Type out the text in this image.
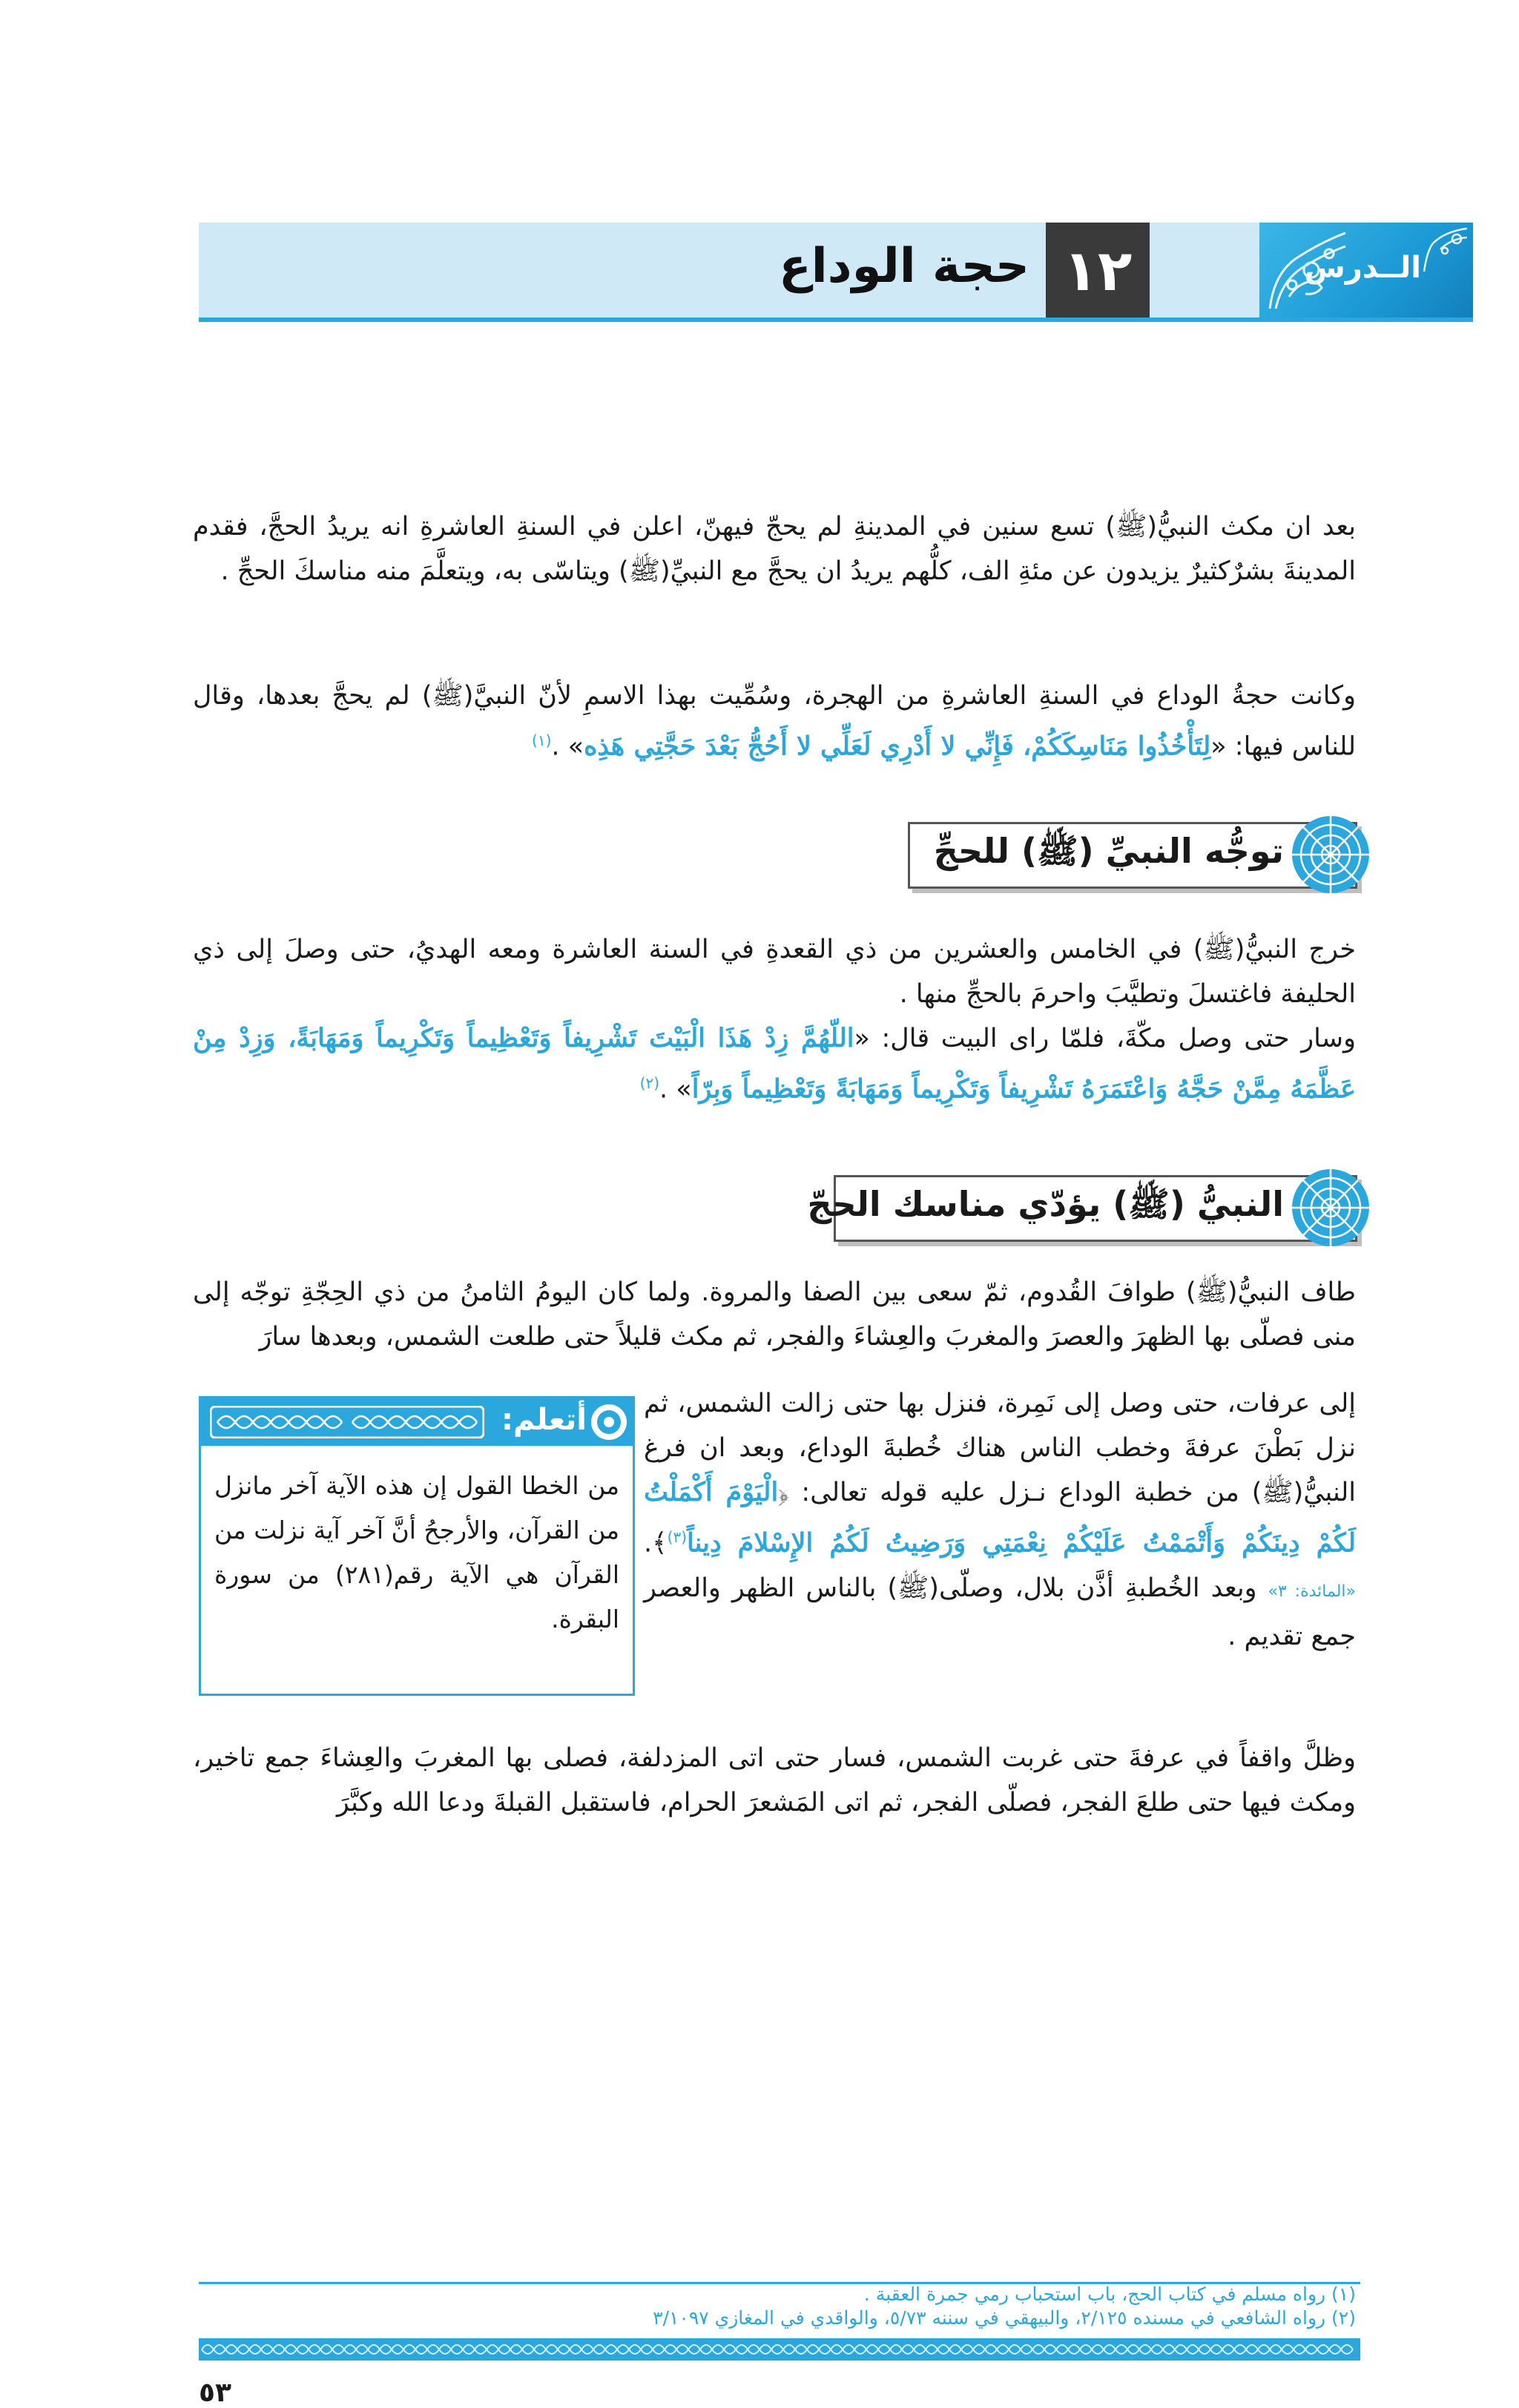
الــدرس
١٢
حجة الوداع
بعد ان مكث النبيُّ(ﷺ) تسع سنين في المدينةِ لم يحجّ فيهنّ، اعلن في السنةِ العاشرةِ انه يريدُ الحجَّ، فقدم المدينةَ بشرٌكثيرٌ يزيدون عن مئةِ الف، كلُّهم يريدُ ان يحجَّ مع النبيِّ(ﷺ) ويتاسّى به، ويتعلَّمَ منه مناسكَ الحجِّ .
وكانت حجةُ الوداع في السنةِ العاشرةِ من الهجرة، وسُمِّيت بهذا الاسمِ لأنّ النبيَّ(ﷺ) لم يحجَّ بعدها، وقال للناس فيها: «لِتَأْخُذُوا مَنَاسِكَكُمْ، فَإِنِّي لا أَدْرِي لَعَلِّي لا أَحُجُّ بَعْدَ حَجَّتِي هَذِه» .$^{(١)}$
توجُّه النبيِّ (ﷺ) للحجِّ
خرج النبيُّ(ﷺ) في الخامس والعشرين من ذي القعدةِ في السنة العاشرة ومعه الهديُ، حتى وصلَ إلى ذي الحليفة فاغتسلَ وتطيَّبَ واحرمَ بالحجِّ منها .
وسار حتى وصل مكّةَ، فلمّا راى البيت قال: «اللّهُمَّ زِدْ هَذَا الْبَيْتَ تَشْرِيفاً وَتَعْظِيماً وَتَكْرِيماً وَمَهَابَةً، وَزِدْ مِنْ عَظَّمَهُ مِمَّنْ حَجَّهُ وَاعْتَمَرَهُ تَشْرِيفاً وَتَكْرِيماً وَمَهَابَةً وَتَعْظِيماً وَبِرّاً» .$^{(٢)}$
النبيُّ (ﷺ) يؤدّي مناسك الحجّ
طاف النبيُّ(ﷺ) طوافَ القُدوم، ثمّ سعى بين الصفا والمروة. ولما كان اليومُ الثامنُ من ذي الحِجّةِ توجّه إلى منى فصلّى بها الظهرَ والعصرَ والمغربَ والعِشاءَ والفجر، ثم مكث قليلاً حتى طلعت الشمس، وبعدها سارَ
إلى عرفات، حتى وصل إلى نَمِرة، فنزل بها حتى زالت الشمس، ثم نزل بَطْنَ عرفةَ وخطب الناس هناك خُطبةَ الوداع، وبعد ان فرغ النبيُّ(ﷺ) من خطبة الوداع نـزل عليه قوله تعالى: ﴿الْيَوْمَ أَكْمَلْتُ لَكُمْ دِينَكُمْ وَأَتْمَمْتُ عَلَيْكُمْ نِعْمَتِي وَرَضِيتُ لَكُمُ الإِسْلامَ دِيناً$^{(٣)}$﴾. «المائدة: ٣» وبعد الخُطبةِ أذَّن بلال، وصلّى(ﷺ) بالناس الظهر والعصر جمع تقديم .
أتعلم:
من الخطا القول إن هذه الآية آخر مانزل من القرآن، والأرجحُ أنَّ آخر آية نزلت من القرآن هي الآية رقم(٢٨١) من سورة البقرة.
وظلَّ واقفاً في عرفةَ حتى غربت الشمس، فسار حتى اتى المزدلفة، فصلى بها المغربَ والعِشاءَ جمع تاخير، ومكث فيها حتى طلعَ الفجر، فصلّى الفجر، ثم اتى المَشعرَ الحرام، فاستقبل القبلةَ ودعا الله وكبَّرَ
(١) رواه مسلم في كتاب الحج، باب استحباب رمي جمرة العقبة .
(٢) رواه الشافعي في مسنده ٢/١٢٥، والبيهقي في سننه ٥/٧٣، والواقدي في المغازي ٣/١٠٩٧
٥٣
